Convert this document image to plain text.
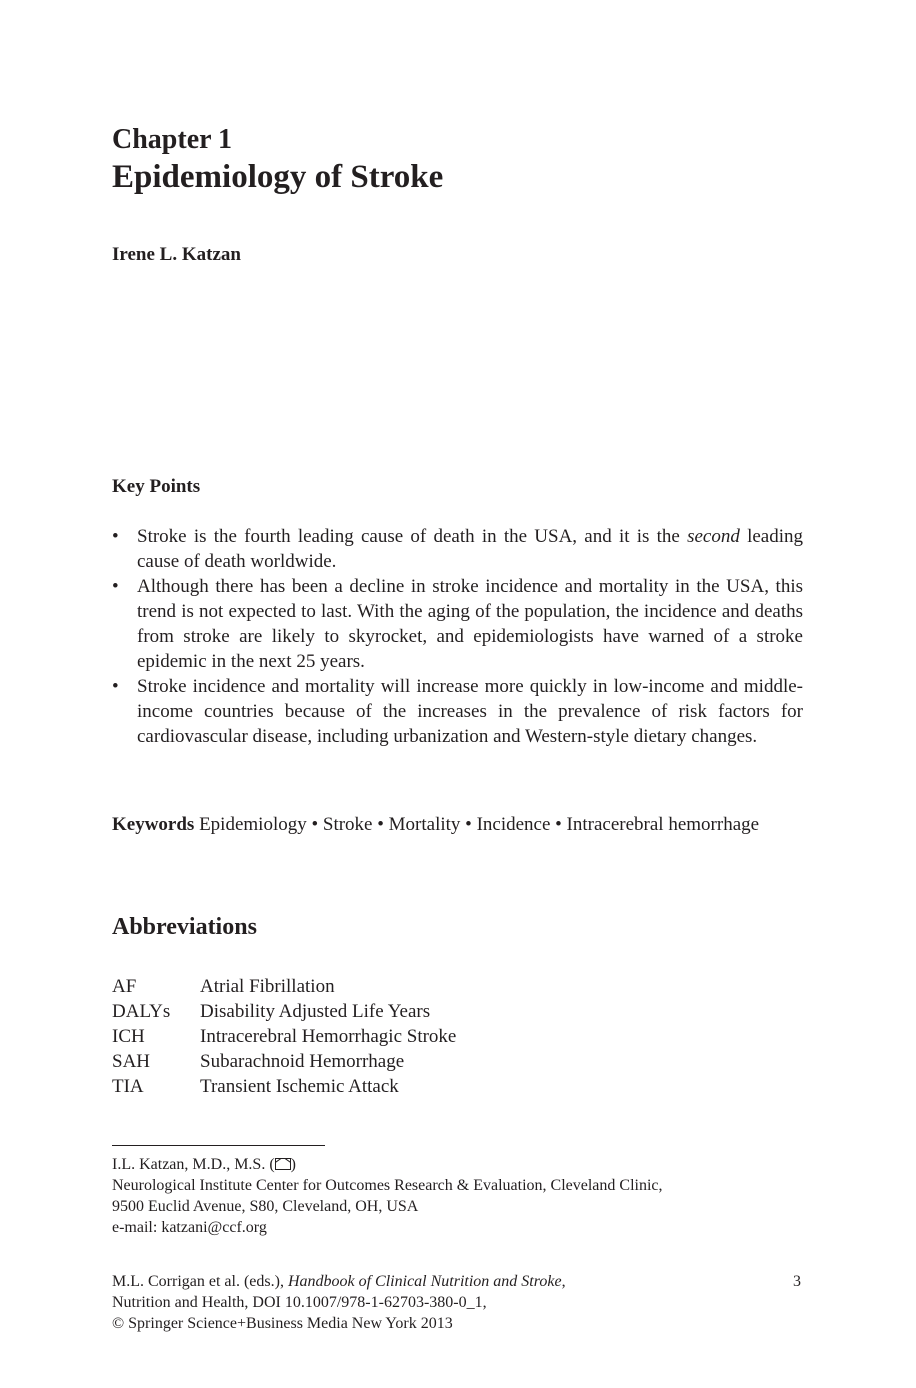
Chapter 1
Epidemiology of Stroke
Irene L. Katzan
Key Points
• Stroke is the fourth leading cause of death in the USA, and it is the second leading cause of death worldwide.
• Although there has been a decline in stroke incidence and mortality in the USA, this trend is not expected to last. With the aging of the population, the incidence and deaths from stroke are likely to skyrocket, and epidemiologists have warned of a stroke epidemic in the next 25 years.
• Stroke incidence and mortality will increase more quickly in low-income and middle-income countries because of the increases in the prevalence of risk factors for cardiovascular disease, including urbanization and Western-style dietary changes.
Keywords Epidemiology • Stroke • Mortality • Incidence • Intracerebral hemorrhage
Abbreviations
AF	Atrial Fibrillation
DALYs	Disability Adjusted Life Years
ICH	Intracerebral Hemorrhagic Stroke
SAH	Subarachnoid Hemorrhage
TIA	Transient Ischemic Attack
I.L. Katzan, M.D., M.S. ( )
Neurological Institute Center for Outcomes Research & Evaluation, Cleveland Clinic,
9500 Euclid Avenue, S80, Cleveland, OH, USA
e-mail: katzani@ccf.org
M.L. Corrigan et al. (eds.), Handbook of Clinical Nutrition and Stroke,
Nutrition and Health, DOI 10.1007/978-1-62703-380-0_1,
© Springer Science+Business Media New York 2013
3
